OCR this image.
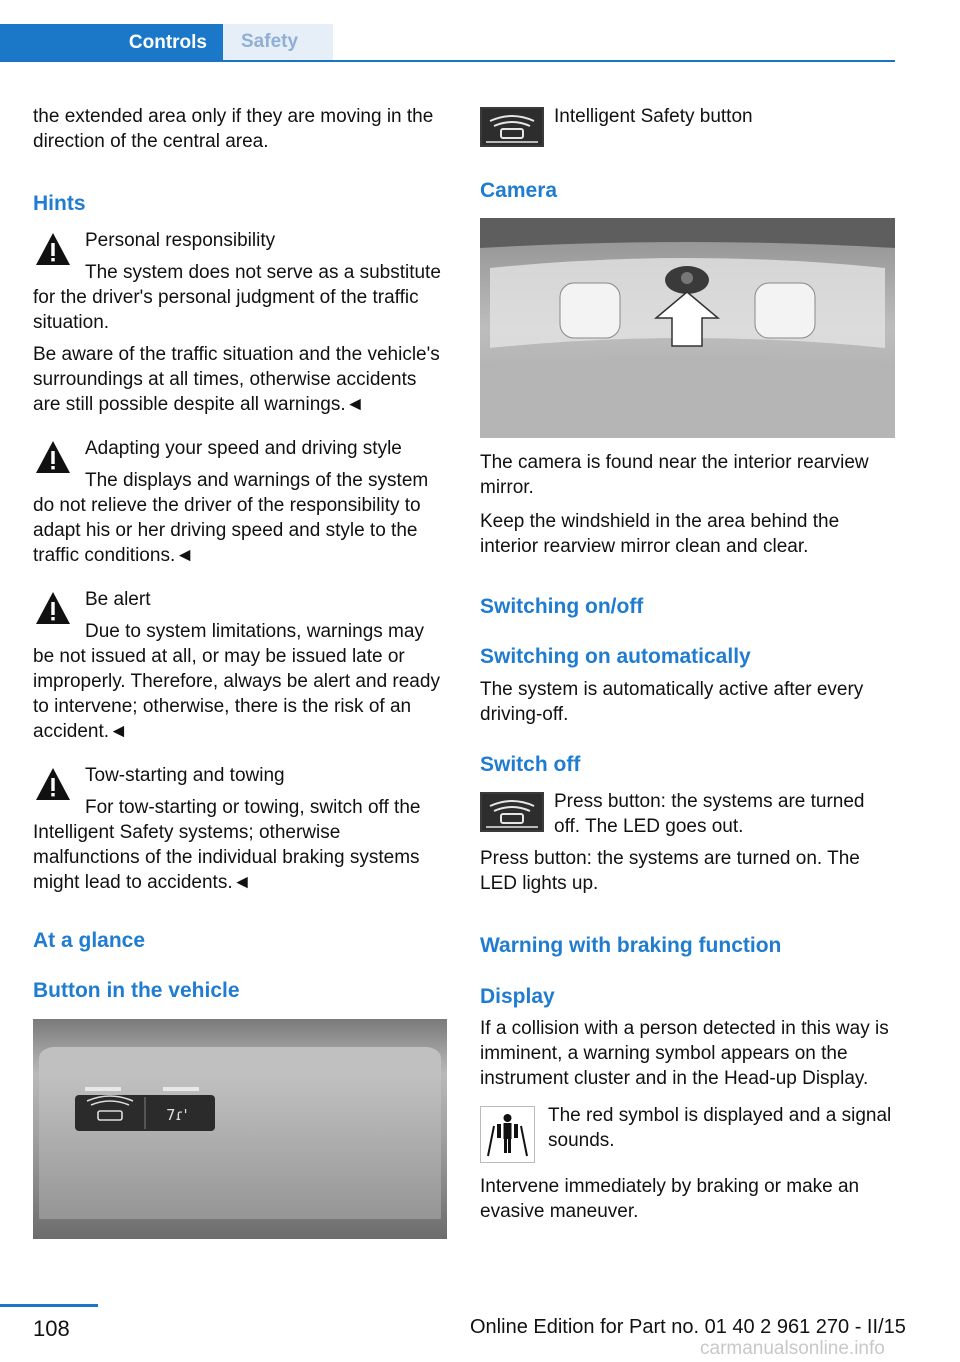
Controls	Safety

the extended area only if they are moving in the direction of the central area.

Hints

Personal responsibility

The system does not serve as a substitute for the driver's personal judgment of the traffic situation.

Be aware of the traffic situation and the vehicle's surroundings at all times, otherwise accidents are still possible despite all warnings.◄

Adapting your speed and driving style

The displays and warnings of the system do not relieve the driver of the responsibility to adapt his or her driving speed and style to the traffic conditions.◄

Be alert

Due to system limitations, warnings may be not issued at all, or may be issued late or improperly. Therefore, always be alert and ready to intervene; otherwise, there is the risk of an accident.◄

Tow-starting and towing

For tow-starting or towing, switch off the Intelligent Safety systems; otherwise malfunctions of the individual braking systems might lead to accidents.◄

At a glance
Button in the vehicle
7ɾ'

Intelligent Safety button

Camera

The camera is found near the interior rearview mirror.

Keep the windshield in the area behind the interior rearview mirror clean and clear.

Switching on/off
Switching on automatically

The system is automatically active after every driving-off.

Switch off

Press button: the systems are turned off. The LED goes out.

Press button: the systems are turned on. The LED lights up.

Warning with braking function
Display

If a collision with a person detected in this way is imminent, a warning symbol appears on the instrument cluster and in the Head-up Display.

The red symbol is displayed and a signal sounds.

Intervene immediately by braking or make an evasive maneuver.

108	Online Edition for Part no. 01 40 2 961 270 - II/15
carmanualsonline.info
